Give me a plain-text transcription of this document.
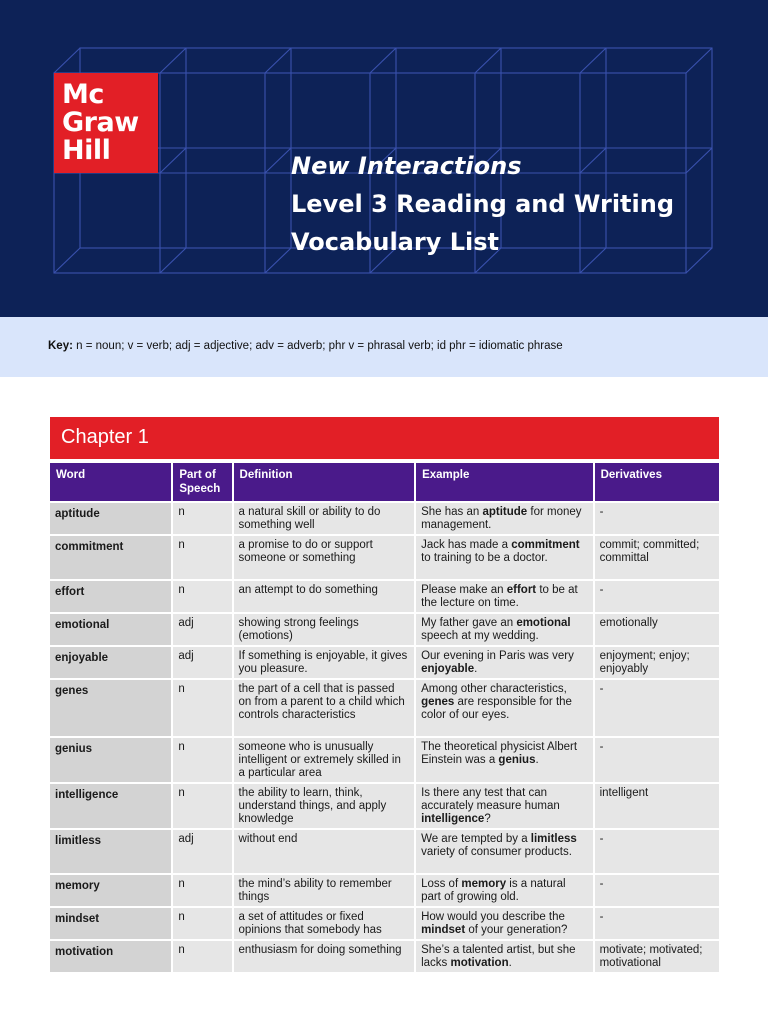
Mc
Graw
Hill	New Interactions
Level 3 Reading and Writing
Vocabulary List
Key: n = noun; v = verb; adj = adjective; adv = adverb; phr v = phrasal verb; id phr = idiomatic phrase
Chapter 1
Word	Part of Speech	Definition	Example	Derivatives
aptitude	n	a natural skill or ability to do something well	She has an aptitude for money management.	-
commitment	n	a promise to do or support someone or something	Jack has made a commitment to training to be a doctor.	commit; committed; committal
effort	n	an attempt to do something	Please make an effort to be at the lecture on time.	-
emotional	adj	showing strong feelings (emotions)	My father gave an emotional speech at my wedding.	emotionally
enjoyable	adj	If something is enjoyable, it gives you pleasure.	Our evening in Paris was very enjoyable.	enjoyment; enjoy; enjoyably
genes	n	the part of a cell that is passed on from a parent to a child which controls characteristics	Among other characteristics, genes are responsible for the color of our eyes.	-
genius	n	someone who is unusually intelligent or extremely skilled in a particular area	The theoretical physicist Albert Einstein was a genius.	-
intelligence	n	the ability to learn, think, understand things, and apply knowledge	Is there any test that can accurately measure human intelligence?	intelligent
limitless	adj	without end	We are tempted by a limitless variety of consumer products.	-
memory	n	the mind’s ability to remember things	Loss of memory is a natural part of growing old.	-
mindset	n	a set of attitudes or fixed opinions that somebody has	How would you describe the mindset of your generation?	-
motivation	n	enthusiasm for doing something	She’s a talented artist, but she lacks motivation.	motivate; motivated; motivational
